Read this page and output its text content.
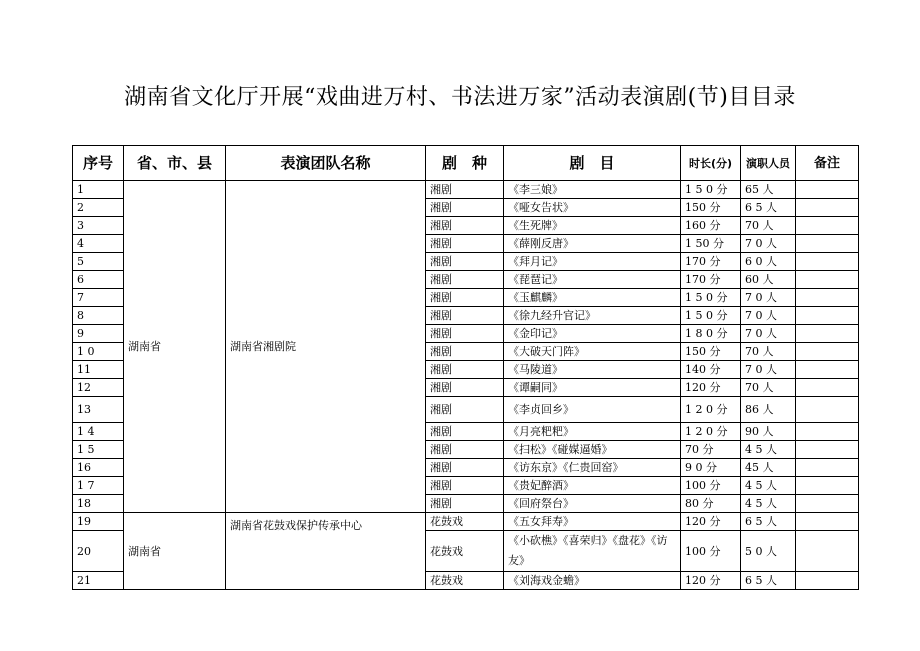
湖南省文化厅开展“戏曲进万村、书法进万家”活动表演剧(节)目目录
序号	省、市、县	表演团队名称	剧　种	剧　目	时长(分)	演职人员	备注
1	湖南省	湖南省湘剧院	湘剧	《李三娘》	1 5 0 分	65 人	
2			湘剧	《哑女告状》	150 分	6 5 人	
3			湘剧	《生死牌》	160 分	70 人	
4			湘剧	《薛刚反唐》	1 50 分	7 0 人	
5			湘剧	《拜月记》	170 分	6 0 人	
6			湘剧	《琵琶记》	170 分	60 人	
7			湘剧	《玉麒麟》	1 5 0 分	7 0 人	
8			湘剧	《徐九经升官记》	1 5 0 分	7 0 人	
9			湘剧	《金印记》	1 8 0 分	7 0 人	
1 0			湘剧	《大破天门阵》	150 分	70 人	
11			湘剧	《马陵道》	140 分	7 0 人	
12			湘剧	《谭嗣同》	120 分	70 人	
13			湘剧	《李贞回乡》	1 2 0 分	86 人	
1 4			湘剧	《月亮粑粑》	1 2 0 分	90 人	
1 5			湘剧	《扫松》《碰媒逼婚》	70 分	4 5 人	
16			湘剧	《访东京》《仁贵回窑》	9 0 分	45 人	
1 7			湘剧	《贵妃醉酒》	100 分	4 5 人	
18			湘剧	《回府祭台》	80 分	4 5 人	
19	湖南省	湖南省花鼓戏保护传承中心	花鼓戏	《五女拜寿》	120 分	6 5 人	
20			花鼓戏	《小砍樵》《喜荣归》《盘花》《访友》	100 分	5 0 人	
21			花鼓戏	《刘海戏金蟾》	120 分	6 5 人	
